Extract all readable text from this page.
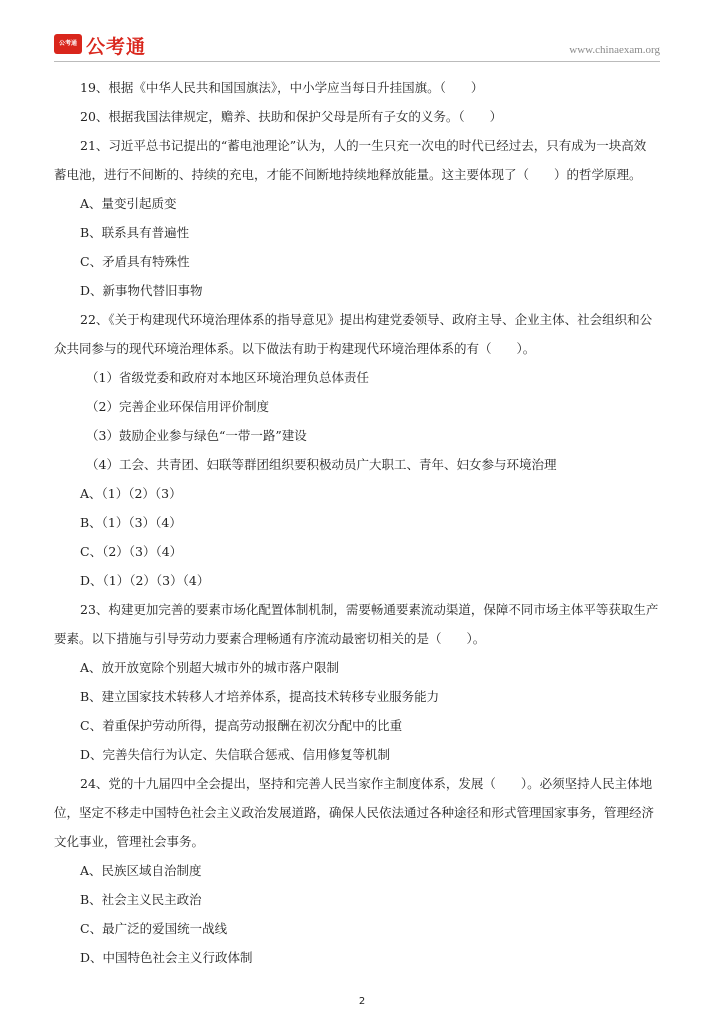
公考通 公考通	www.chinaexam.org
19、根据《中华人民共和国国旗法》，中小学应当每日升挂国旗。（　　）
20、根据我国法律规定，赡养、扶助和保护父母是所有子女的义务。（　　）
21、习近平总书记提出的“蓄电池理论”认为，人的一生只充一次电的时代已经过去，只有成为一块高效
蓄电池，进行不间断的、持续的充电，才能不间断地持续地释放能量。这主要体现了（　　）的哲学原理。
A、量变引起质变
B、联系具有普遍性
C、矛盾具有特殊性
D、新事物代替旧事物
22、《关于构建现代环境治理体系的指导意见》提出构建党委领导、政府主导、企业主体、社会组织和公
众共同参与的现代环境治理体系。以下做法有助于构建现代环境治理体系的有（　　）。
（1）省级党委和政府对本地区环境治理负总体责任
（2）完善企业环保信用评价制度
（3）鼓励企业参与绿色“一带一路”建设
（4）工会、共青团、妇联等群团组织要积极动员广大职工、青年、妇女参与环境治理
A、（1）（2）（3）
B、（1）（3）（4）
C、（2）（3）（4）
D、（1）（2）（3）（4）
23、构建更加完善的要素市场化配置体制机制，需要畅通要素流动渠道，保障不同市场主体平等获取生产
要素。以下措施与引导劳动力要素合理畅通有序流动最密切相关的是（　　）。
A、放开放宽除个别超大城市外的城市落户限制
B、建立国家技术转移人才培养体系，提高技术转移专业服务能力
C、着重保护劳动所得，提高劳动报酬在初次分配中的比重
D、完善失信行为认定、失信联合惩戒、信用修复等机制
24、党的十九届四中全会提出，坚持和完善人民当家作主制度体系，发展（　　）。必须坚持人民主体地
位，坚定不移走中国特色社会主义政治发展道路，确保人民依法通过各种途径和形式管理国家事务，管理经济
文化事业，管理社会事务。
A、民族区域自治制度
B、社会主义民主政治
C、最广泛的爱国统一战线
D、中国特色社会主义行政体制
2
